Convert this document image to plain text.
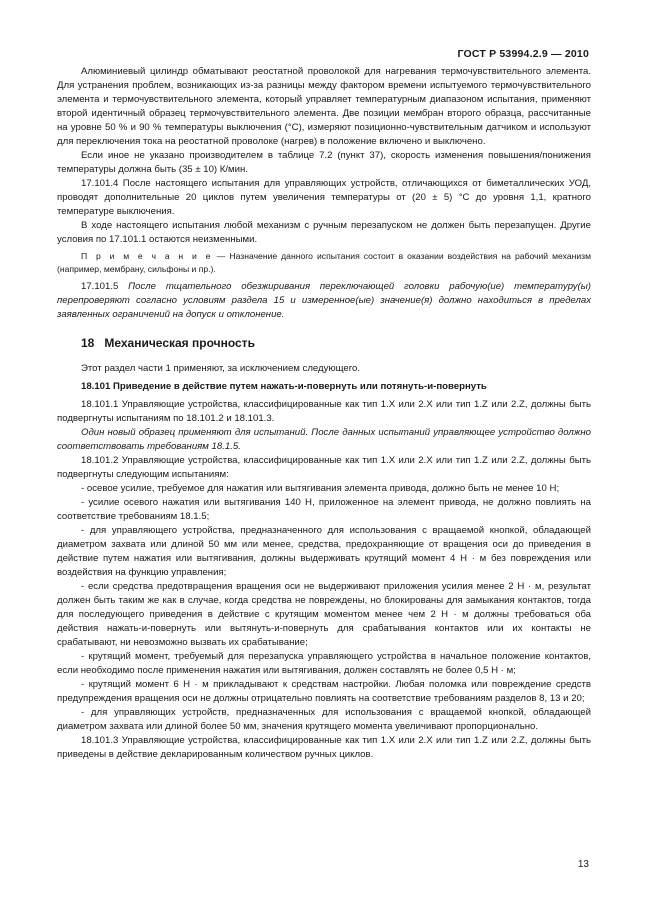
ГОСТ Р 53994.2.9 — 2010

Алюминиевый цилиндр обматывают реостатной проволокой для нагревания термочувствительного элемента. Для устранения проблем, возникающих из-за разницы между фактором времени испытуемого термочувствительного элемента и термочувствительного элемента, который управляет температурным диапазоном испытания, применяют второй идентичный образец термочувствительного элемента. Две позиции мембран второго образца, рассчитанные на уровне 50 % и 90 % температуры выключения (°C), измеряют позиционно-чувствительным датчиком и используют для переключения тока на реостатной проволоке (нагрев) в положение включено и выключено.

Если иное не указано производителем в таблице 7.2 (пункт 37), скорость изменения повышения/понижения температуры должна быть (35 ± 10) К/мин.

17.101.4 После настоящего испытания для управляющих устройств, отличающихся от биметаллических УОД, проводят дополнительные 20 циклов путем увеличения температуры от (20 ± 5) °C до уровня 1,1, кратного температуре выключения.

В ходе настоящего испытания любой механизм с ручным перезапуском не должен быть перезапущен. Другие условия по 17.101.1 остаются неизменными.

П р и м е ч а н и е — Назначение данного испытания состоит в оказании воздействия на рабочий механизм (например, мембрану, сильфоны и пр.).

17.101.5 После тщательного обезжиривания переключающей головки рабочую(ие) температуру(ы) перепроверяют согласно условиям раздела 15 и измеренное(ые) значение(я) должно находиться в пределах заявленных ограничений на допуск и отклонение.

18 Механическая прочность

Этот раздел части 1 применяют, за исключением следующего.

18.101 Приведение в действие путем нажать-и-повернуть или потянуть-и-повернуть

18.101.1 Управляющие устройства, классифицированные как тип 1.X или 2.X или тип 1.Z или 2.Z, должны быть подвергнуты испытаниям по 18.101.2 и 18.101.3.

Один новый образец применяют для испытаний. После данных испытаний управляющее устройство должно соответствовать требованиям 18.1.5.

18.101.2 Управляющие устройства, классифицированные как тип 1.X или 2.X или тип 1.Z или 2.Z, должны быть подвергнуты следующим испытаниям:

- осевое усилие, требуемое для нажатия или вытягивания элемента привода, должно быть не менее 10 Н;

- усилие осевого нажатия или вытягивания 140 Н, приложенное на элемент привода, не должно повлиять на соответствие требованиям 18.1.5;

- для управляющего устройства, предназначенного для использования с вращаемой кнопкой, обладающей диаметром захвата или длиной 50 мм или менее, средства, предохраняющие от вращения оси до приведения в действие путем нажатия или вытягивания, должны выдерживать крутящий момент 4 Н · м без повреждения или воздействия на функцию управления;

- если средства предотвращения вращения оси не выдерживают приложения усилия менее 2 Н · м, результат должен быть таким же как в случае, когда средства не повреждены, но блокированы для замыкания контактов, тогда для последующего приведения в действие с крутящим моментом менее чем 2 Н · м должны требоваться оба действия нажать-и-повернуть или вытянуть-и-повернуть для срабатывания контактов или их контакты не срабатывают, ни невозможно вызвать их срабатывание;

- крутящий момент, требуемый для перезапуска управляющего устройства в начальное положение контактов, если необходимо после применения нажатия или вытягивания, должен составлять не более 0,5 Н · м;

- крутящий момент 6 Н · м прикладывают к средствам настройки. Любая поломка или повреждение средств предупреждения вращения оси не должны отрицательно повлиять на соответствие требованиям разделов 8, 13 и 20;

- для управляющих устройств, предназначенных для использования с вращаемой кнопкой, обладающей диаметром захвата или длиной более 50 мм, значения крутящего момента увеличивают пропорционально.

18.101.3 Управляющие устройства, классифицированные как тип 1.X или 2.X или тип 1.Z или 2.Z, должны быть приведены в действие декларированным количеством ручных циклов.

13
